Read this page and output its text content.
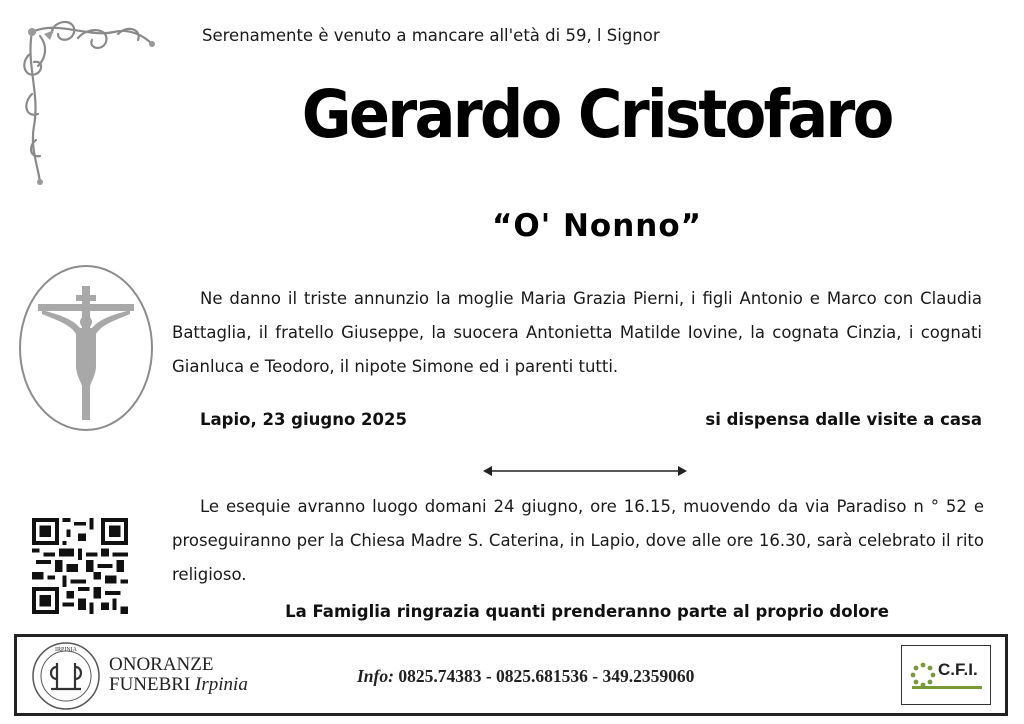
Serenamente è venuto a mancare all'età di 59, l Signor
Gerardo Cristofaro
“O' Nonno”
Ne danno il triste annunzio la moglie Maria Grazia Pierni, i figli Antonio e Marco con Claudia Battaglia, il fratello Giuseppe, la suocera Antonietta Matilde Iovine, la cognata Cinzia, i cognati Gianluca e Teodoro, il nipote Simone ed i parenti tutti.
Lapio, 23 giugno 2025	si dispensa dalle visite a casa
Le esequie avranno luogo domani 24 giugno, ore 16.15, muovendo da via Paradiso n ° 52 e proseguiranno per la Chiesa Madre S. Caterina, in Lapio, dove alle ore 16.30, sarà celebrato il rito religioso.
La Famiglia ringrazia quanti prenderanno parte al proprio dolore
IRPINIA
ONORANZE
FUNEBRI Irpinia	Info: 0825.74383 - 0825.681536 - 349.2359060	C.F.I.
